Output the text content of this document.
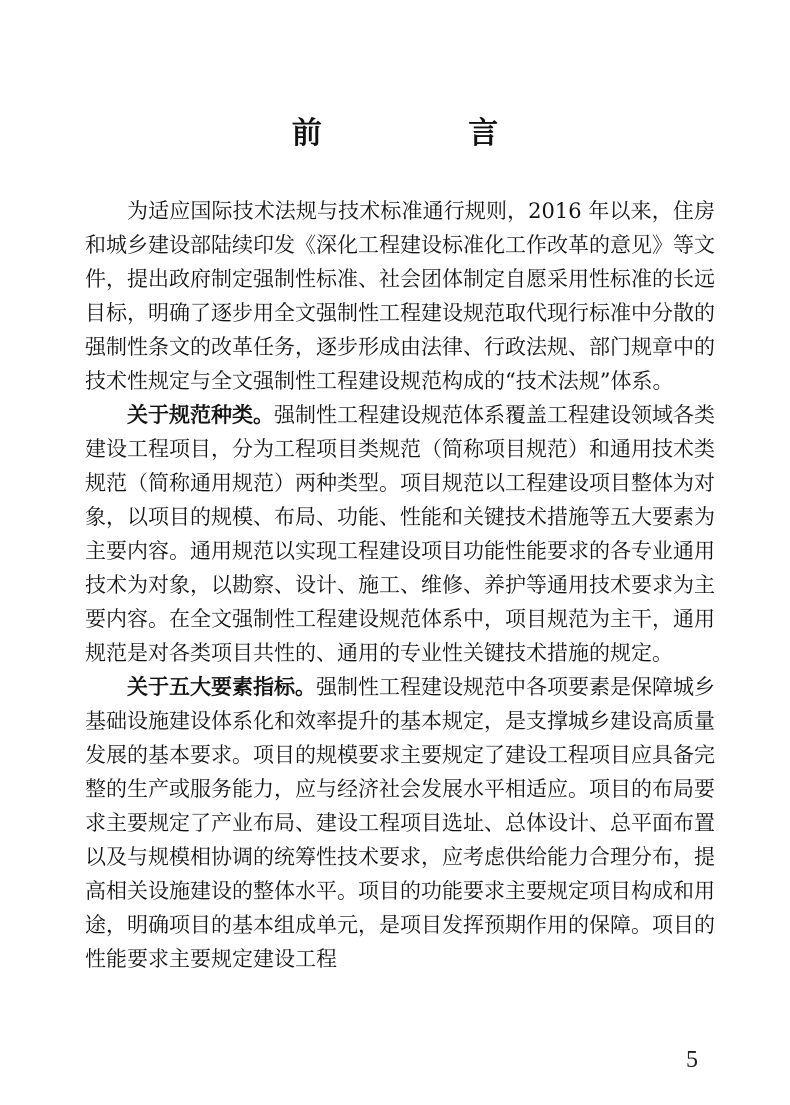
前 言

为适应国际技术法规与技术标准通行规则，2016 年以来，住房和城乡建设部陆续印发《深化工程建设标准化工作改革的意见》等文件，提出政府制定强制性标准、社会团体制定自愿采用性标准的长远目标，明确了逐步用全文强制性工程建设规范取代现行标准中分散的强制性条文的改革任务，逐步形成由法律、行政法规、部门规章中的技术性规定与全文强制性工程建设规范构成的“技术法规”体系。

关于规范种类。强制性工程建设规范体系覆盖工程建设领域各类建设工程项目，分为工程项目类规范（简称项目规范）和通用技术类规范（简称通用规范）两种类型。项目规范以工程建设项目整体为对象，以项目的规模、布局、功能、性能和关键技术措施等五大要素为主要内容。通用规范以实现工程建设项目功能性能要求的各专业通用技术为对象，以勘察、设计、施工、维修、养护等通用技术要求为主要内容。在全文强制性工程建设规范体系中，项目规范为主干，通用规范是对各类项目共性的、通用的专业性关键技术措施的规定。

关于五大要素指标。强制性工程建设规范中各项要素是保障城乡基础设施建设体系化和效率提升的基本规定，是支撑城乡建设高质量发展的基本要求。项目的规模要求主要规定了建设工程项目应具备完整的生产或服务能力，应与经济社会发展水平相适应。项目的布局要求主要规定了产业布局、建设工程项目选址、总体设计、总平面布置以及与规模相协调的统筹性技术要求，应考虑供给能力合理分布，提高相关设施建设的整体水平。项目的功能要求主要规定项目构成和用途，明确项目的基本组成单元，是项目发挥预期作用的保障。项目的性能要求主要规定建设工程

5
